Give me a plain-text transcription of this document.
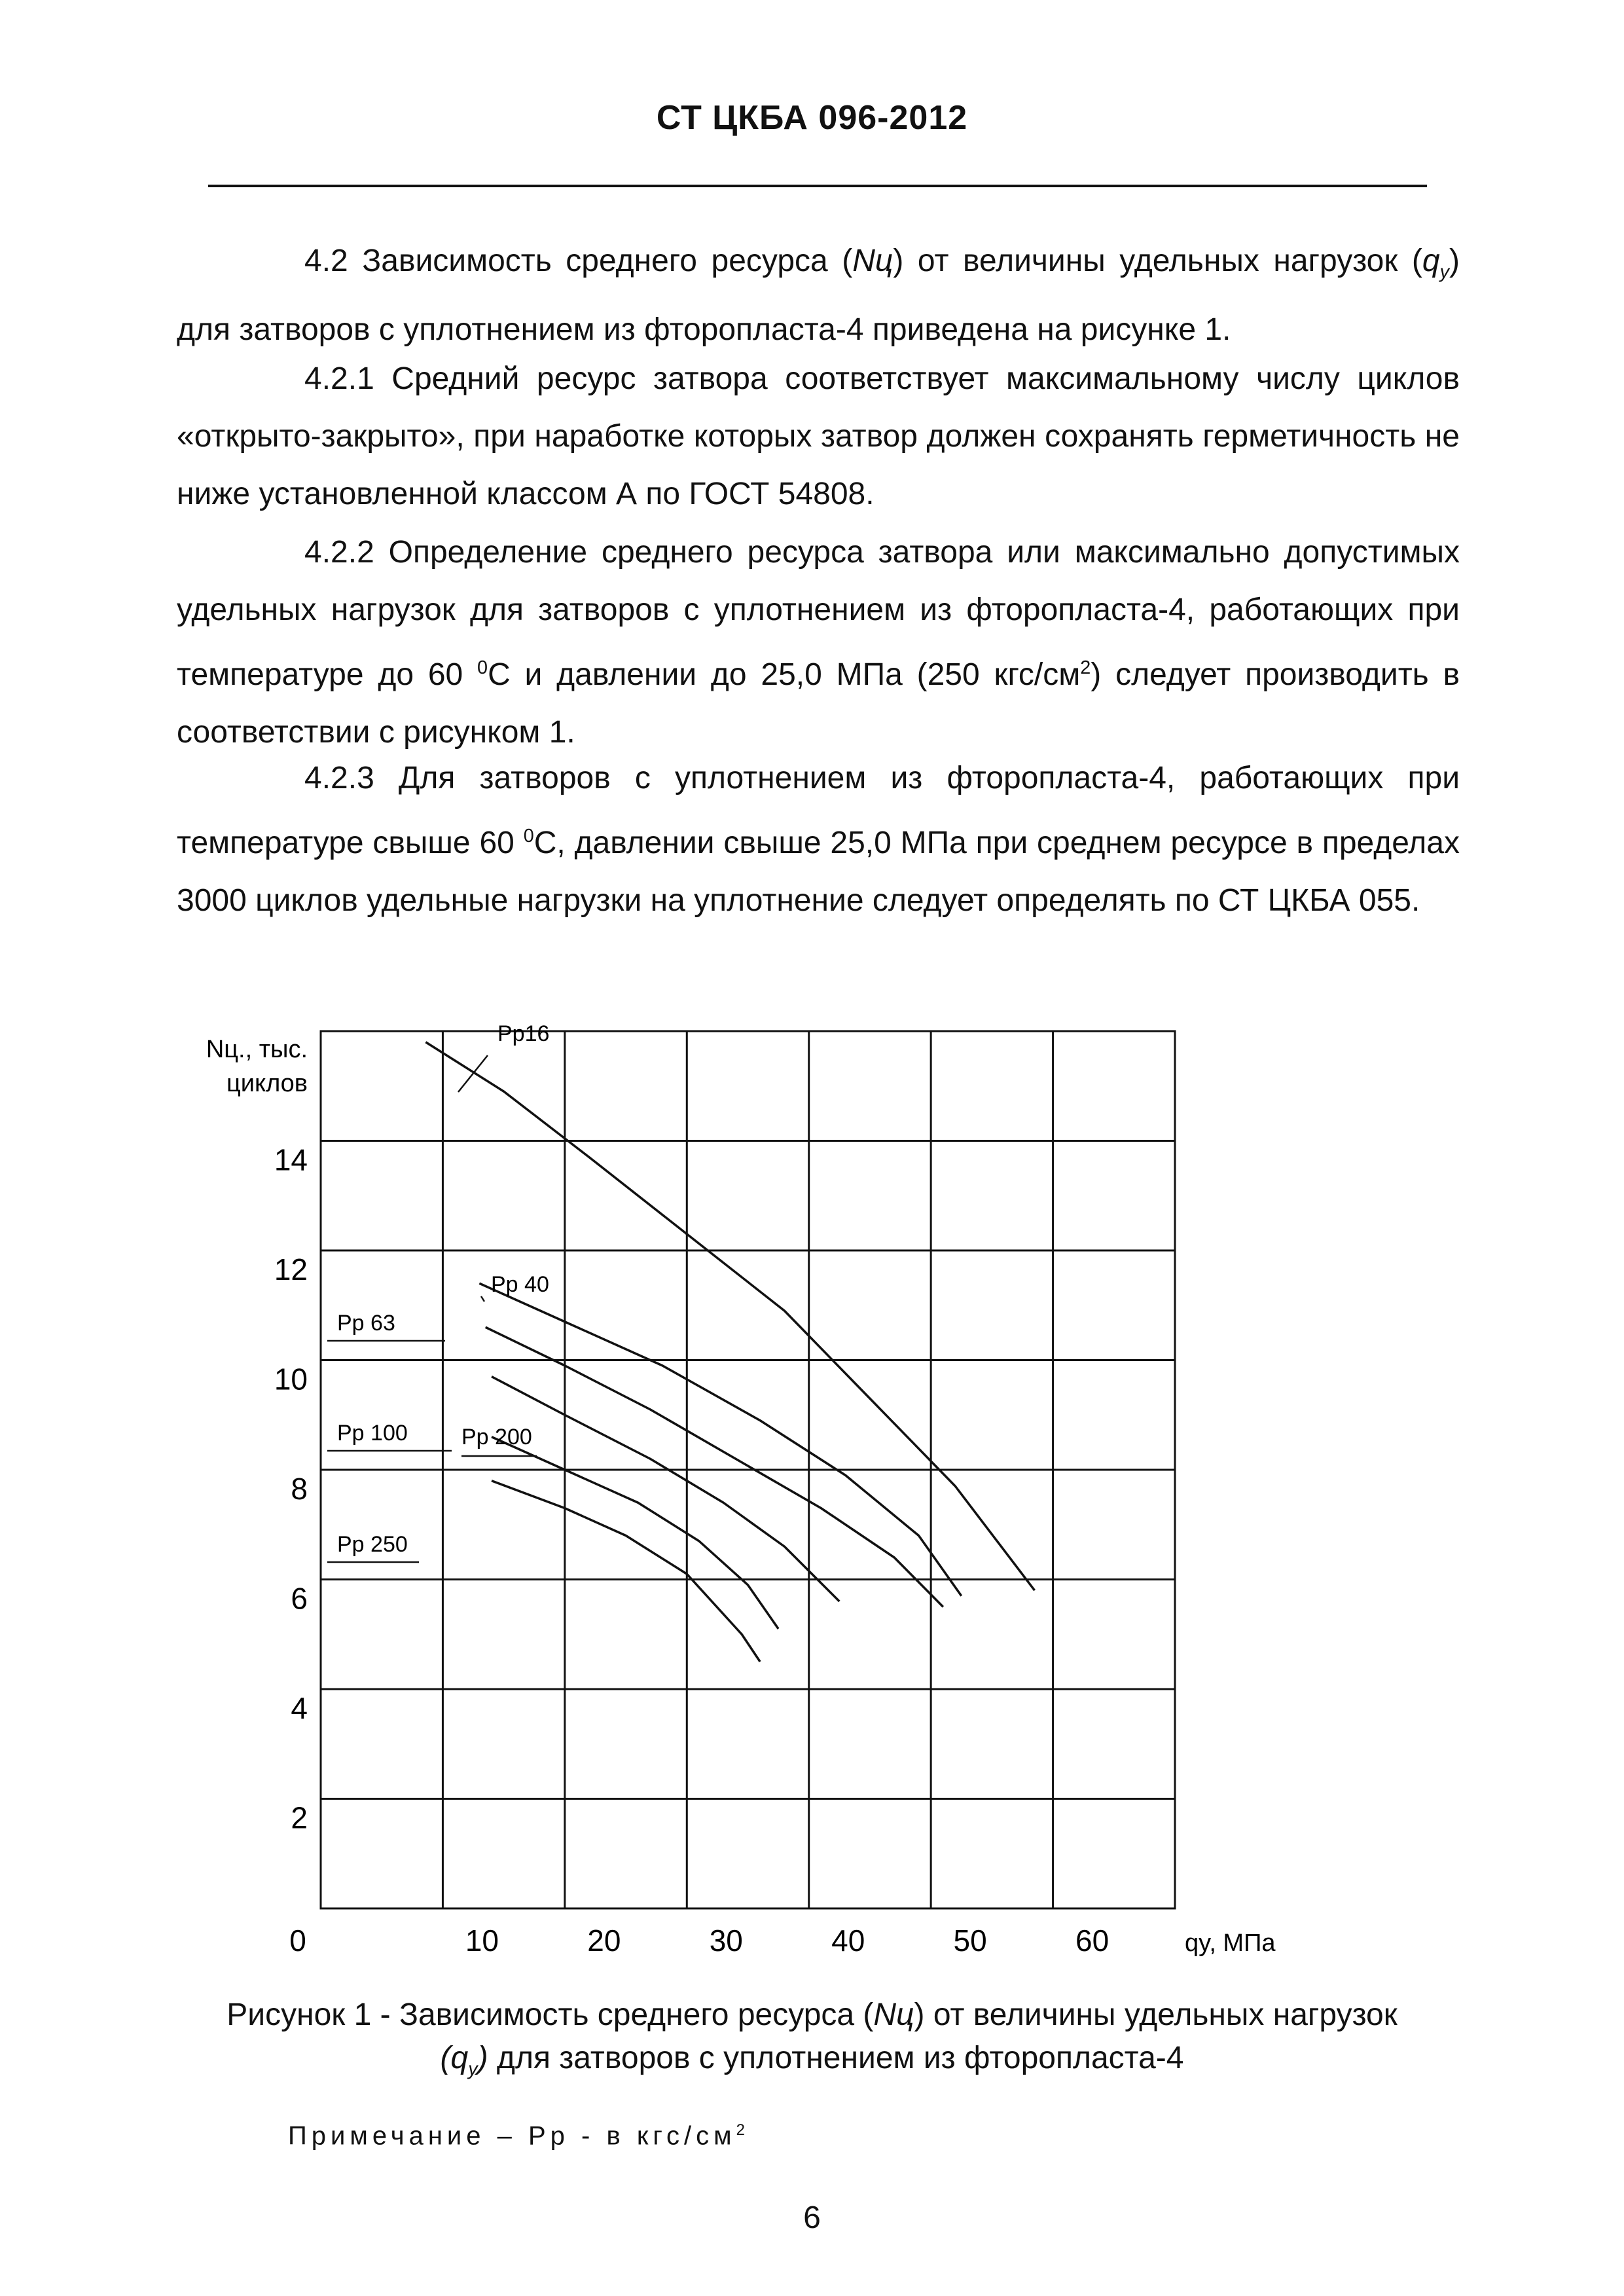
СТ ЦКБА 096-2012

4.2 Зависимость среднего ресурса (Nц) от величины удельных нагрузок $(q_у)$ для затворов с уплотнением из фторопласта-4 приведена на рисунке 1.

4.2.1 Средний ресурс затвора соответствует максимальному числу циклов «открыто-закрыто», при наработке которых затвор должен сохранять герметичность не ниже установленной классом А по ГОСТ 54808.

4.2.2 Определение среднего ресурса затвора или максимально допустимых удельных нагрузок для затворов с уплотнением из фторопласта-4, работающих при температуре до 60 $^0$С и давлении до 25,0 МПа (250 кгс/$см^2$) следует производить в соответствии с рисунком 1.

4.2.3 Для затворов с уплотнением из фторопласта-4, работающих при температуре свыше 60 $^0$С, давлении свыше 25,0 МПа при среднем ресурсе в пределах 3000 циклов удельные нагрузки на уплотнение следует определять по СТ ЦКБА 055.

2
4
6
8
10
12
14
0	10	20	30	40	50	60
Nц., тыс.
циклов
qy, МПа
Pp16
Pp 40
Pp 63
Pp 100 Pp 200
Pp 250

Рисунок 1 - Зависимость среднего ресурса (Nц) от величины удельных нагрузок
$(q_у)$ для затворов с уплотнением из фторопласта-4

Примечание – Рр - в кгс/$см^2$
6
